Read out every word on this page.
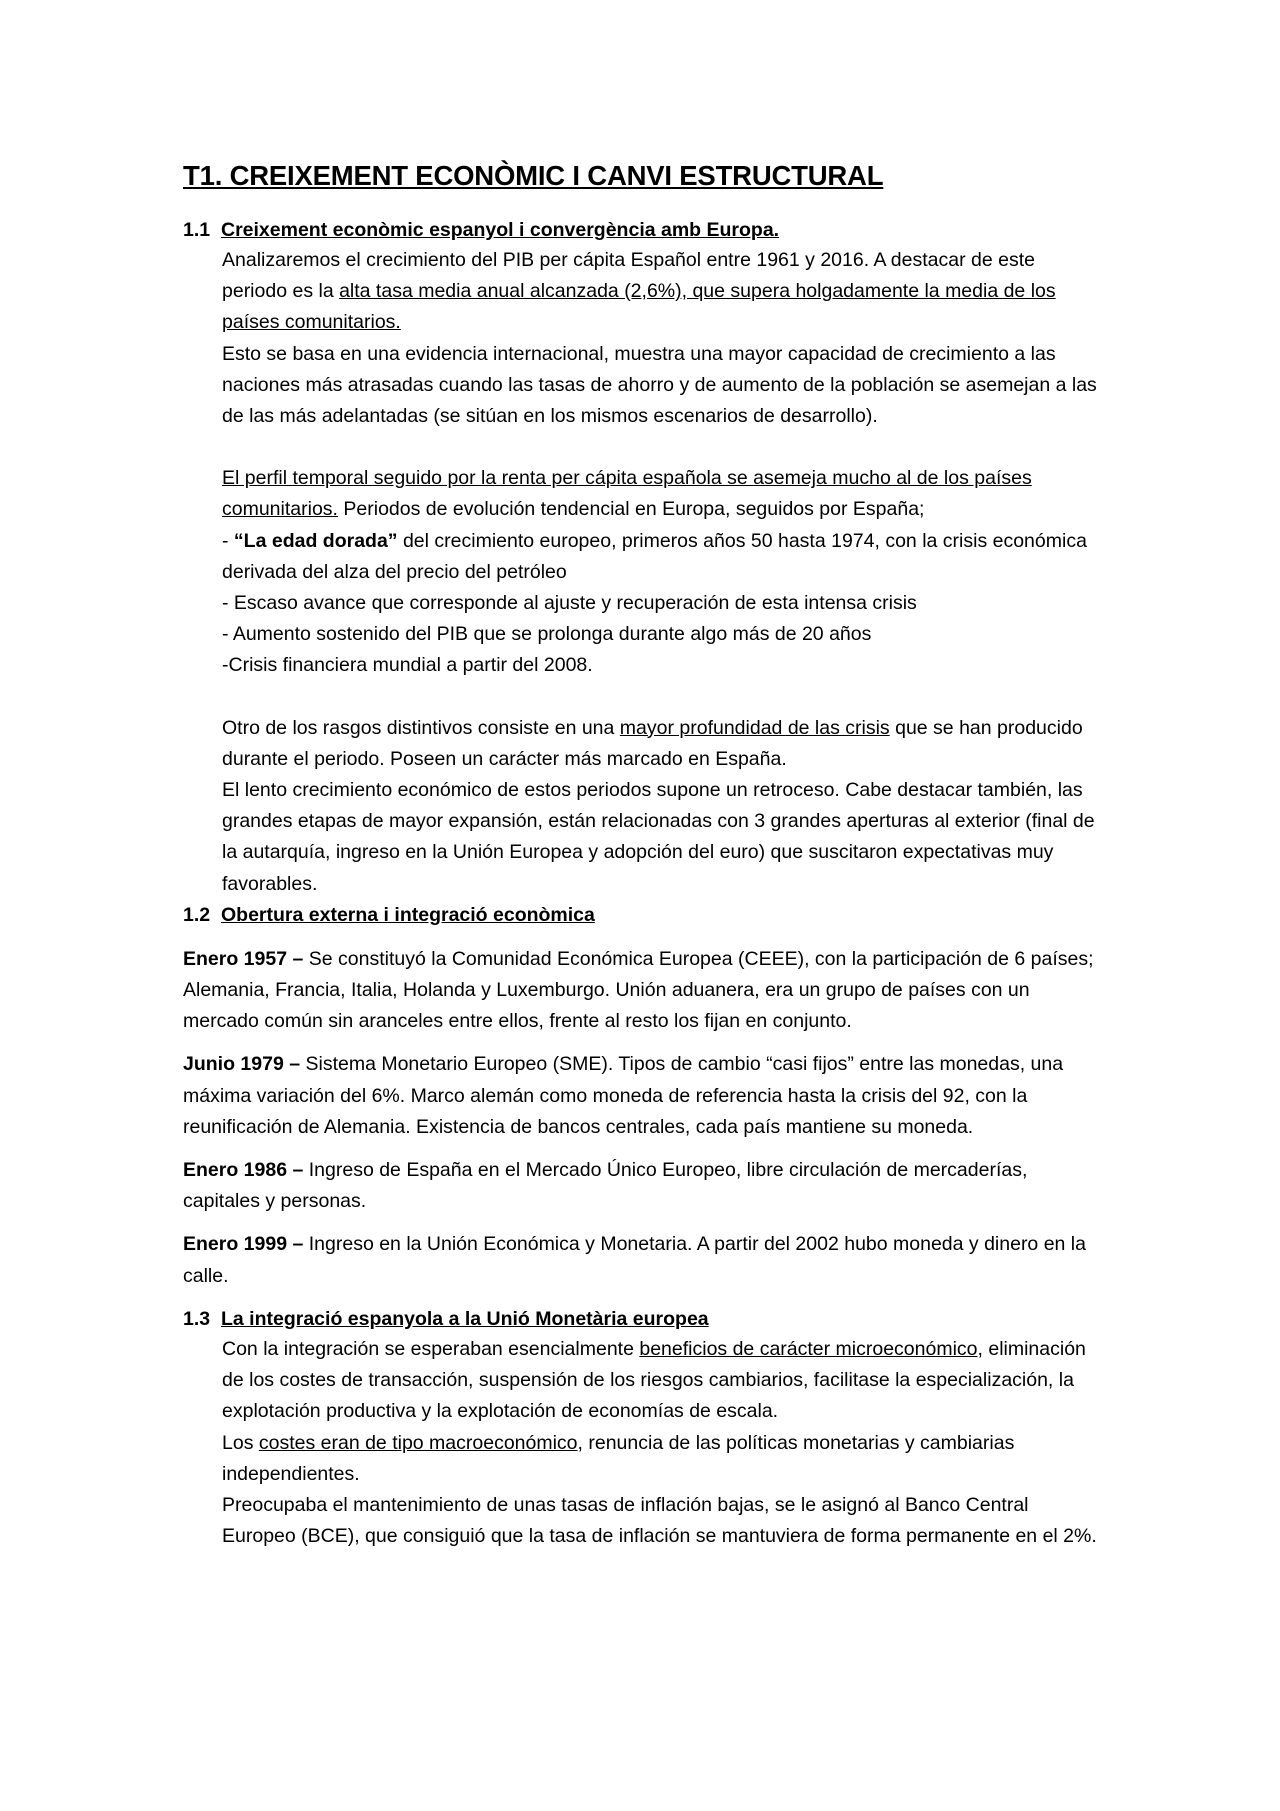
T1. CREIXEMENT ECONÒMIC I CANVI ESTRUCTURAL
1.1 Creixement econòmic espanyol i convergència amb Europa.

Analizaremos el crecimiento del PIB per cápita Español entre 1961 y 2016. A destacar de este periodo es la alta tasa media anual alcanzada (2,6%), que supera holgadamente la media de los países comunitarios.

Esto se basa en una evidencia internacional, muestra una mayor capacidad de crecimiento a las naciones más atrasadas cuando las tasas de ahorro y de aumento de la población se asemejan a las de las más adelantadas (se sitúan en los mismos escenarios de desarrollo).

El perfil temporal seguido por la renta per cápita española se asemeja mucho al de los países comunitarios. Periodos de evolución tendencial en Europa, seguidos por España;

- “La edad dorada” del crecimiento europeo, primeros años 50 hasta 1974, con la crisis económica derivada del alza del precio del petróleo

- Escaso avance que corresponde al ajuste y recuperación de esta intensa crisis

- Aumento sostenido del PIB que se prolonga durante algo más de 20 años

-Crisis financiera mundial a partir del 2008.

Otro de los rasgos distintivos consiste en una mayor profundidad de las crisis que se han producido durante el periodo. Poseen un carácter más marcado en España.

El lento crecimiento económico de estos periodos supone un retroceso. Cabe destacar también, las grandes etapas de mayor expansión, están relacionadas con 3 grandes aperturas al exterior (final de la autarquía, ingreso en la Unión Europea y adopción del euro) que suscitaron expectativas muy favorables.

1.2 Obertura externa i integració econòmica

Enero 1957 – Se constituyó la Comunidad Económica Europea (CEEE), con la participación de 6 países; Alemania, Francia, Italia, Holanda y Luxemburgo. Unión aduanera, era un grupo de países con un mercado común sin aranceles entre ellos, frente al resto los fijan en conjunto.

Junio 1979 – Sistema Monetario Europeo (SME). Tipos de cambio “casi fijos” entre las monedas, una máxima variación del 6%. Marco alemán como moneda de referencia hasta la crisis del 92, con la reunificación de Alemania. Existencia de bancos centrales, cada país mantiene su moneda.

Enero 1986 – Ingreso de España en el Mercado Único Europeo, libre circulación de mercaderías, capitales y personas.

Enero 1999 – Ingreso en la Unión Económica y Monetaria. A partir del 2002 hubo moneda y dinero en la calle.

1.3 La integració espanyola a la Unió Monetària europea

Con la integración se esperaban esencialmente beneficios de carácter microeconómico, eliminación de los costes de transacción, suspensión de los riesgos cambiarios, facilitase la especialización, la explotación productiva y la explotación de economías de escala.

Los costes eran de tipo macroeconómico, renuncia de las políticas monetarias y cambiarias independientes.

Preocupaba el mantenimiento de unas tasas de inflación bajas, se le asignó al Banco Central Europeo (BCE), que consiguió que la tasa de inflación se mantuviera de forma permanente en el 2%.
